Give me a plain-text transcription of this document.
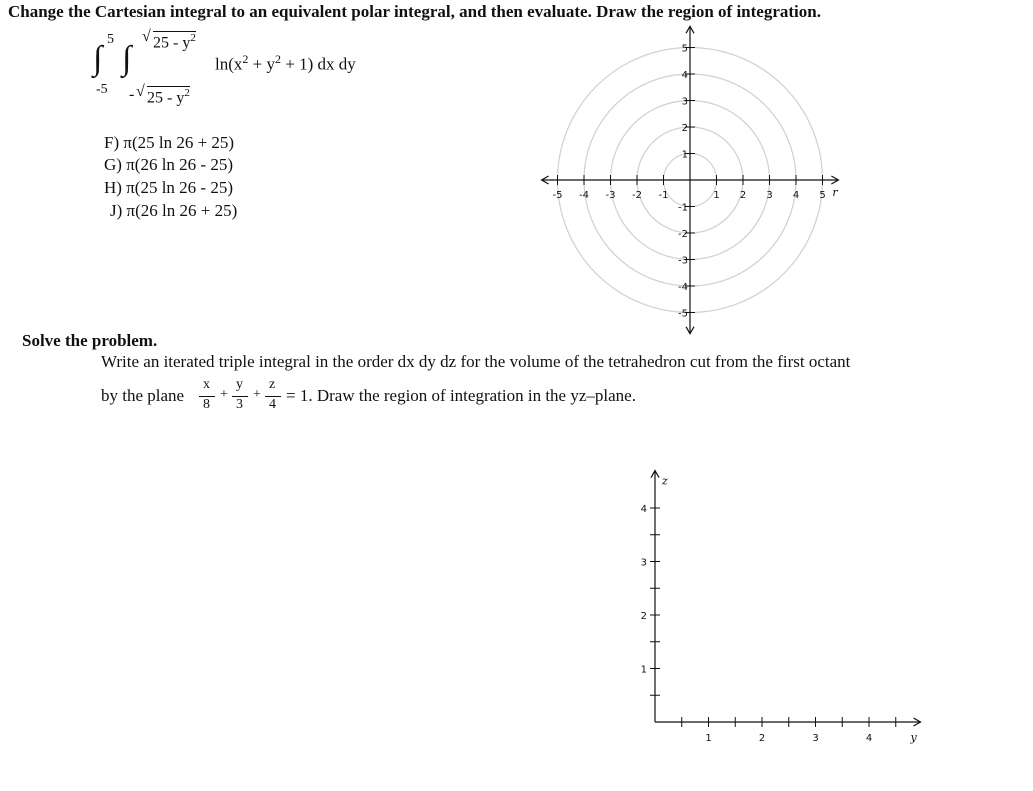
Change the Cartesian integral to an equivalent polar integral, and then evaluate. Draw the region of integration.
5
∫
-5
∫
√ $25 - y^2$
- √ $25 - y^2$
$\ln(x^2 + y^2 + 1)$ dx dy
F) π(25 ln 26 + 25)
G) π(26 ln 26 - 25)
H) π(25 ln 26 - 25)
J) π(26 ln 26 + 25)
-5 -4 -3 -2 -1	1 2 3 4 5
5
4
3
2
1
-1
-2
-3
-4
-5
r
Solve the problem.
Write an iterated triple integral in the order dx dy dz for the volume of the tetrahedron cut from the first octant
by the plane
x
8
+
y
3
+
z
4 = 1. Draw the region of integration in the yz–plane.
1	2	3	4	y
4
3
2
1
z
